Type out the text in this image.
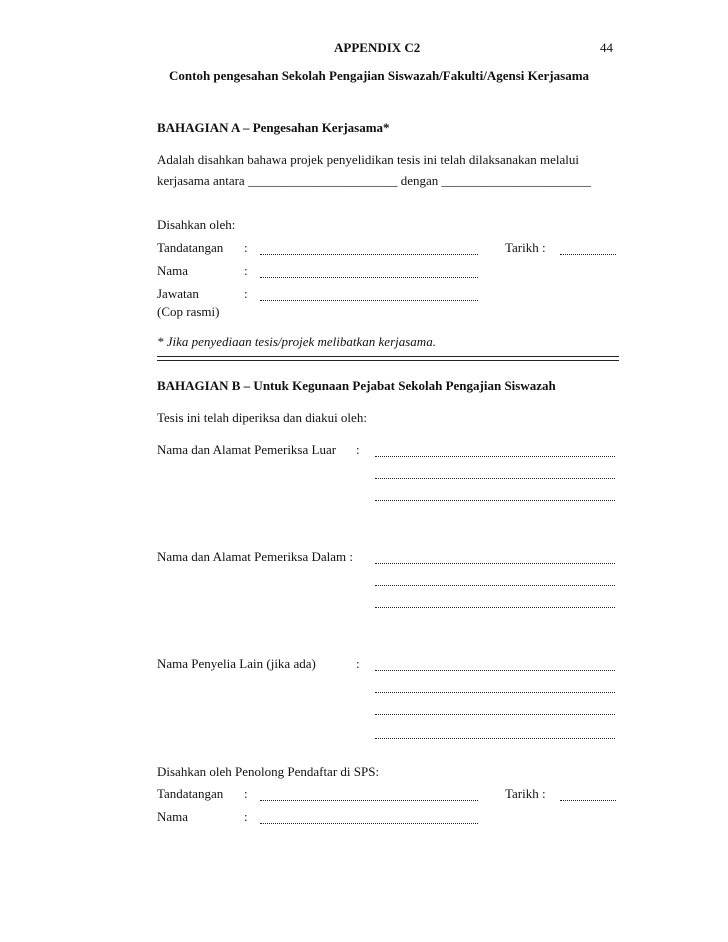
APPENDIX C2	44
Contoh pengesahan Sekolah Pengajian Siswazah/Fakulti/Agensi Kerjasama
BAHAGIAN A – Pengesahan Kerjasama*
Adalah disahkan bahawa projek penyelidikan tesis ini telah dilaksanakan melalui
kerjasama antara _______________________ dengan _______________________
Disahkan oleh:
Tandatangan :	Tarikh :
Nama	:
Jawatan	:
(Cop rasmi)
* Jika penyediaan tesis/projek melibatkan kerjasama.
BAHAGIAN B – Untuk Kegunaan Pejabat Sekolah Pengajian Siswazah
Tesis ini telah diperiksa dan diakui oleh:
Nama dan Alamat Pemeriksa Luar :
Nama dan Alamat Pemeriksa Dalam :
Nama Penyelia Lain (jika ada)	:
Disahkan oleh Penolong Pendaftar di SPS:
Tandatangan :	Tarikh :
Nama	:
